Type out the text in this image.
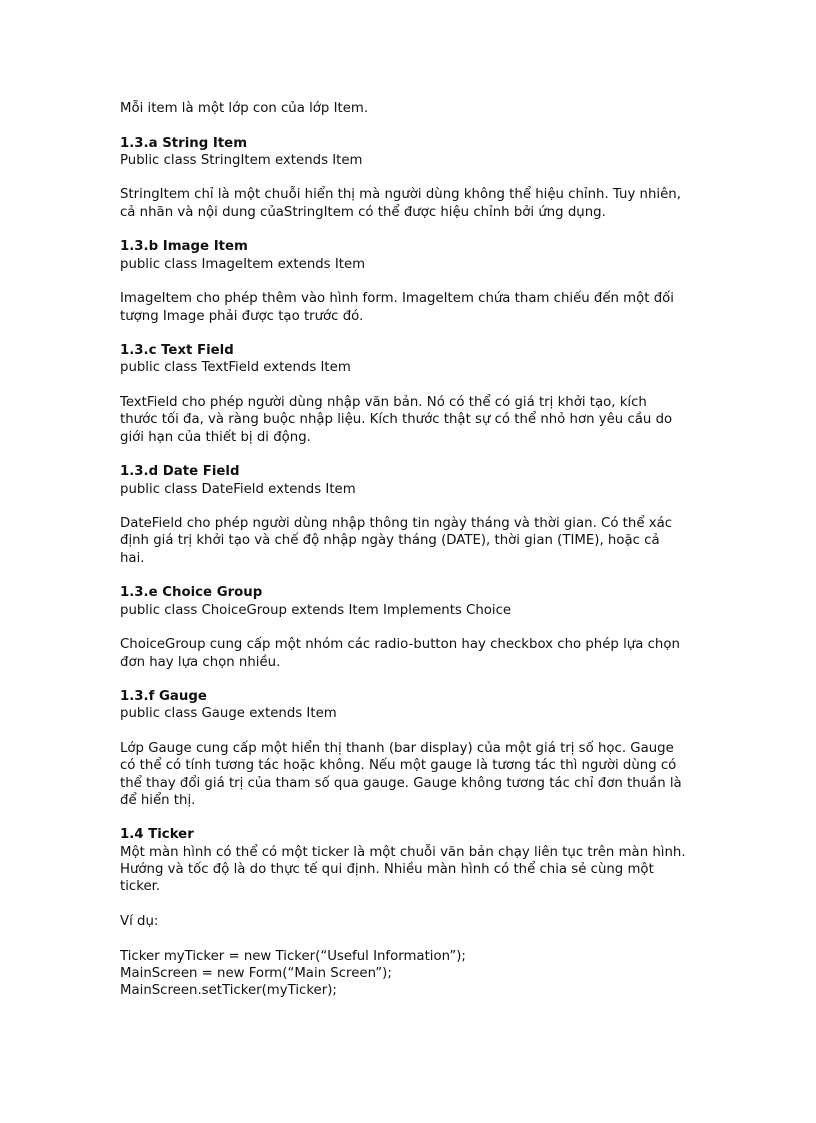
Mỗi item là một lớp con của lớp Item.

1.3.a String Item

Public class StringItem extends Item

StringItem chỉ là một chuỗi hiển thị mà người dùng không thể hiệu chỉnh. Tuy nhiên,

cả nhãn và nội dung củaStringItem có thể được hiệu chỉnh bởi ứng dụng.

1.3.b Image Item

public class ImageItem extends Item

ImageItem cho phép thêm vào hình form. ImageItem chứa tham chiếu đến một đối

tượng Image phải được tạo trước đó.

1.3.c Text Field

public class TextField extends Item

TextField cho phép người dùng nhập văn bản. Nó có thể có giá trị khởi tạo, kích

thước tối đa, và ràng buộc nhập liệu. Kích thước thật sự có thể nhỏ hơn yêu cầu do

giới hạn của thiết bị di động.

1.3.d Date Field

public class DateField extends Item

DateField cho phép người dùng nhập thông tin ngày tháng và thời gian. Có thể xác

định giá trị khởi tạo và chế độ nhập ngày tháng (DATE), thời gian (TIME), hoặc cả

hai.

1.3.e Choice Group

public class ChoiceGroup extends Item Implements Choice

ChoiceGroup cung cấp một nhóm các radio-button hay checkbox cho phép lựa chọn

đơn hay lựa chọn nhiều.

1.3.f Gauge

public class Gauge extends Item

Lớp Gauge cung cấp một hiển thị thanh (bar display) của một giá trị số học. Gauge

có thể có tính tương tác hoặc không. Nếu một gauge là tương tác thì người dùng có

thể thay đổi giá trị của tham số qua gauge. Gauge không tương tác chỉ đơn thuần là

để hiển thị.

1.4 Ticker

Một màn hình có thể có một ticker là một chuỗi văn bản chạy liên tục trên màn hình.

Hướng và tốc độ là do thực tế qui định. Nhiều màn hình có thể chia sẻ cùng một

ticker.

Ví dụ:

Ticker myTicker = new Ticker(“Useful Information”);

MainScreen = new Form(“Main Screen”);

MainScreen.setTicker(myTicker);
